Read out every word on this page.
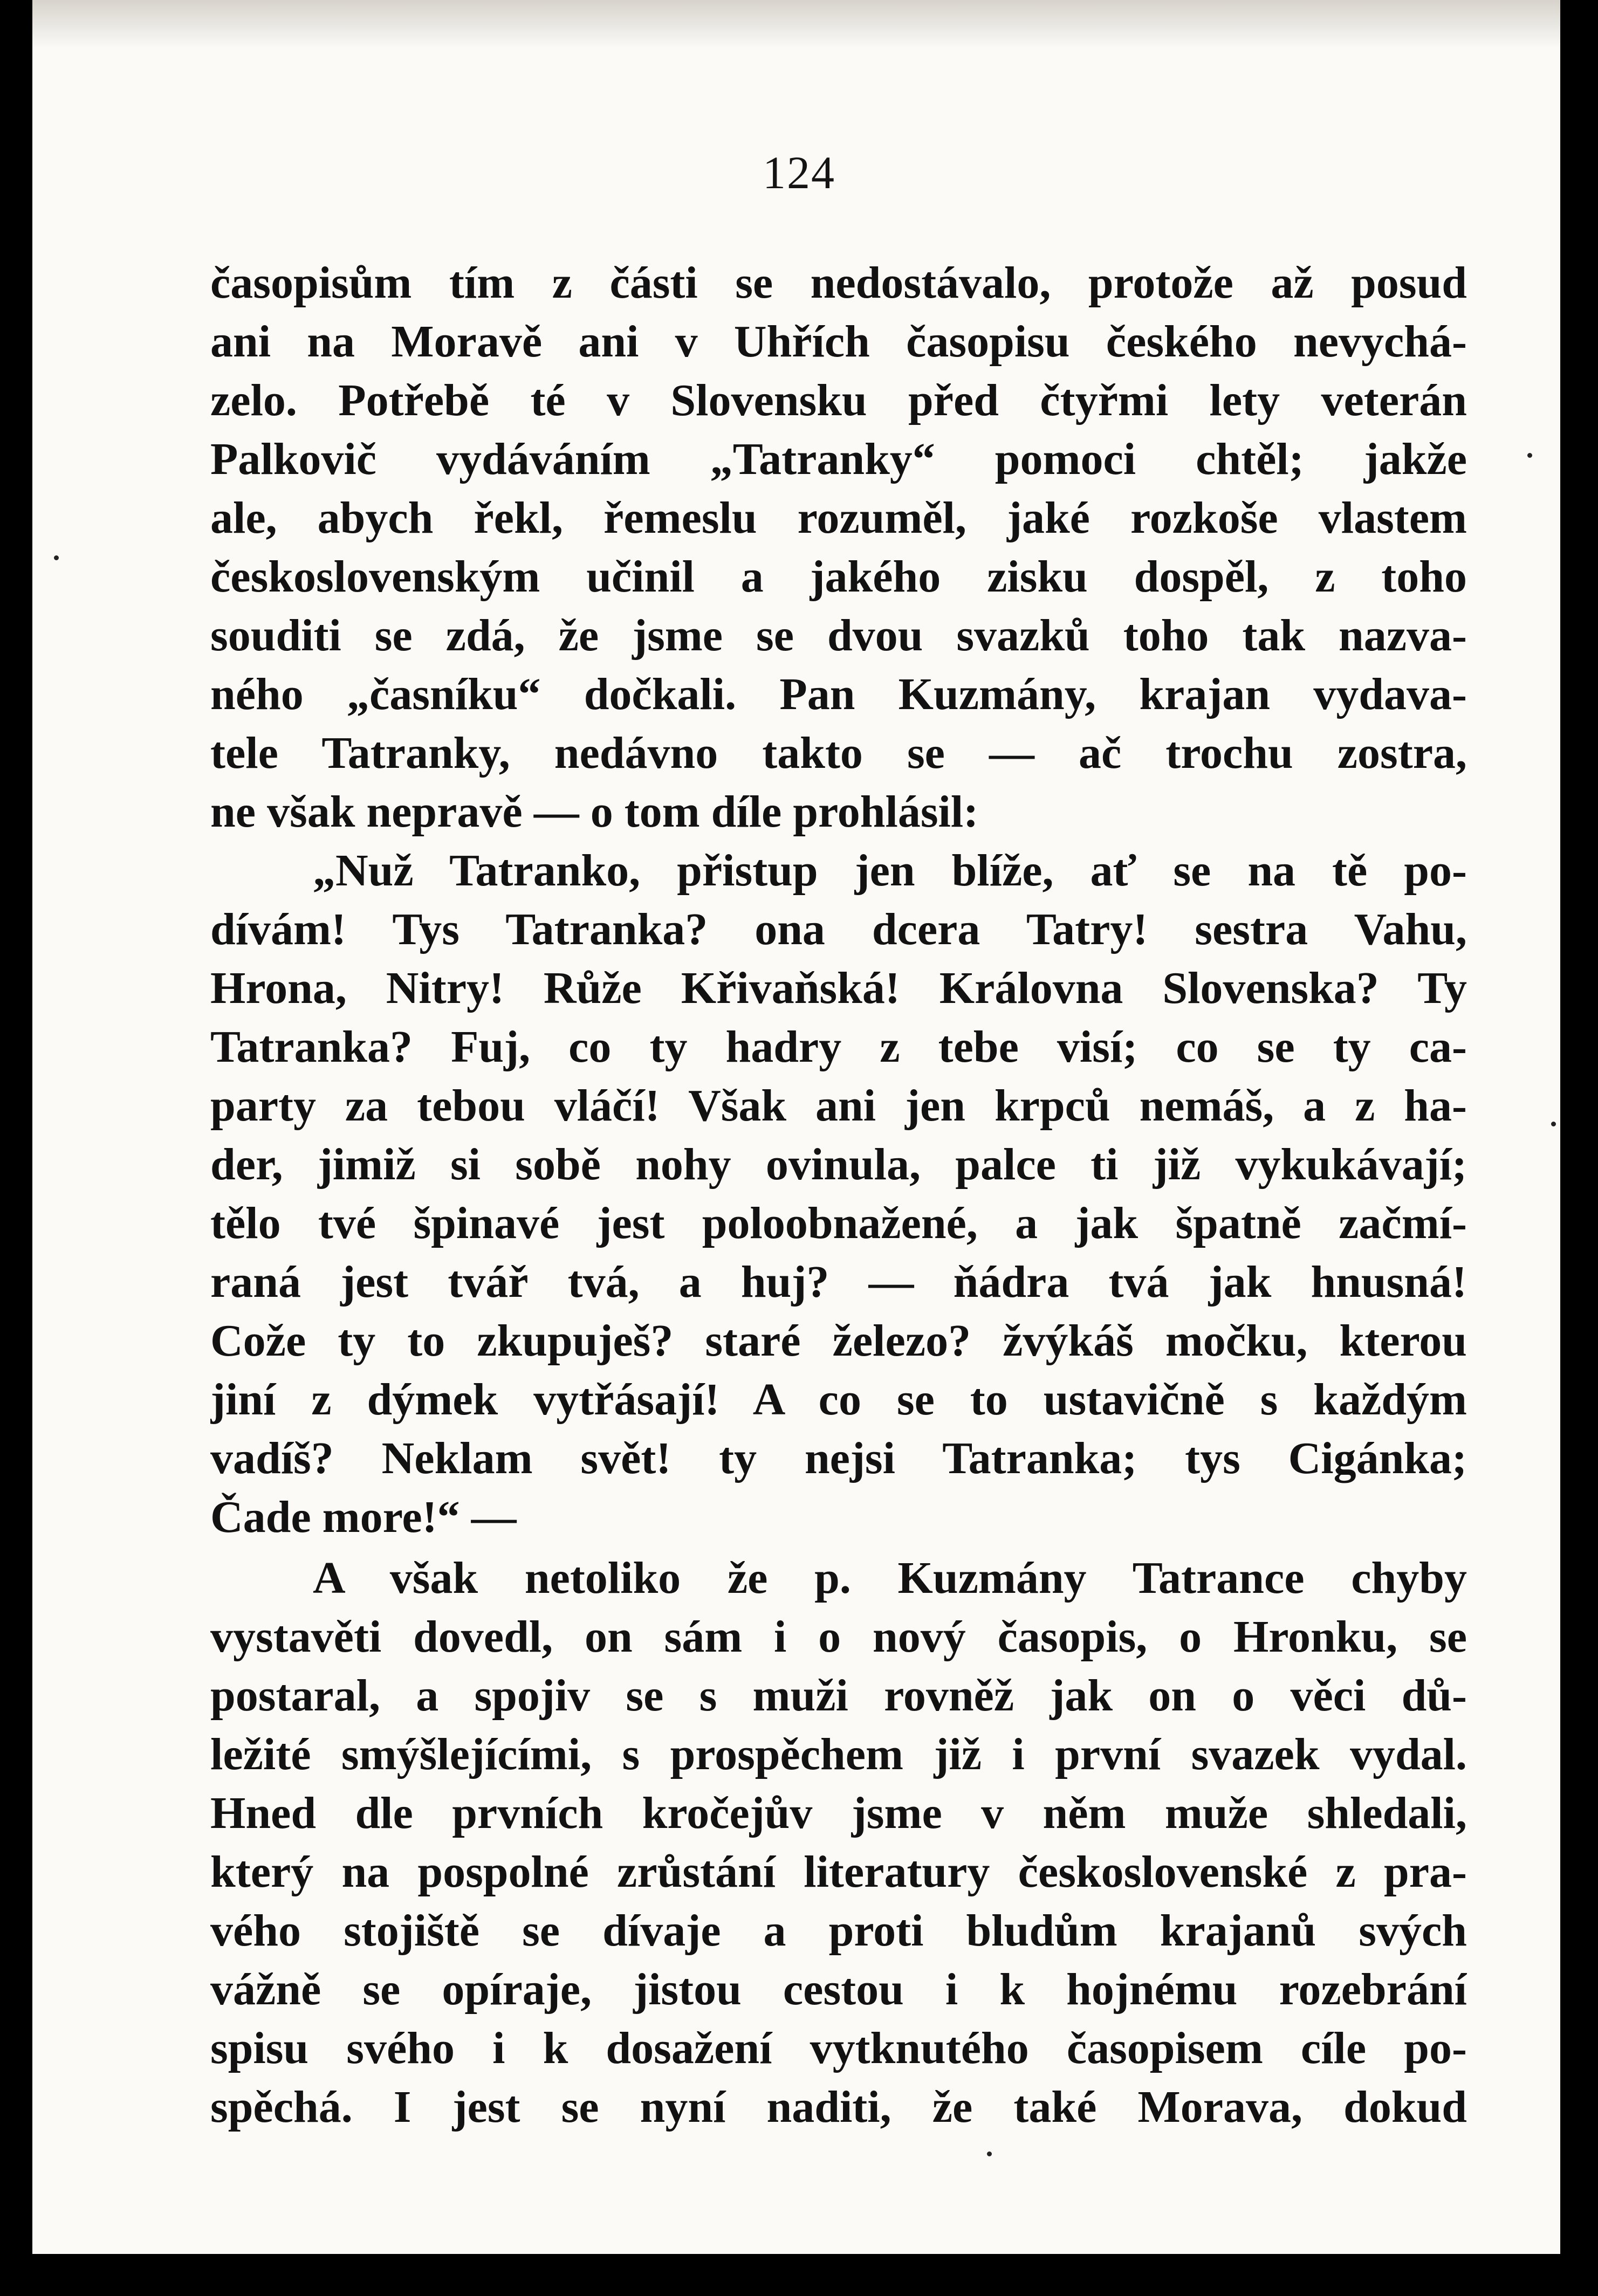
124
časopisům tím z části se nedostávalo, protože až posud
ani na Moravě ani v Uhřích časopisu českého nevychá-
zelo. Potřebě té v Slovensku před čtyřmi lety veterán
Palkovič vydáváním „Tatranky“ pomoci chtěl; jakže
ale, abych řekl, řemeslu rozuměl, jaké rozkoše vlastem
československým učinil a jakého zisku dospěl, z toho
souditi se zdá, že jsme se dvou svazků toho tak nazva-
ného „časníku“ dočkali. Pan Kuzmány, krajan vydava-
tele Tatranky, nedávno takto se — ač trochu zostra,
ne však nepravě — o tom díle prohlásil:
„Nuž Tatranko, přistup jen blíže, ať se na tě po-
dívám! Tys Tatranka? ona dcera Tatry! sestra Vahu,
Hrona, Nitry! Růže Křivaňská! Královna Slovenska? Ty
Tatranka? Fuj, co ty hadry z tebe visí; co se ty ca-
party za tebou vláčí! Však ani jen krpců nemáš, a z ha-
der, jimiž si sobě nohy ovinula, palce ti již vykukávají;
tělo tvé špinavé jest poloobnažené, a jak špatně začmí-
raná jest tvář tvá, a huj? — ňádra tvá jak hnusná!
Cože ty to zkupuješ? staré železo? žvýkáš močku, kterou
jiní z dýmek vytřásají! A co se to ustavičně s každým
vadíš? Neklam svět! ty nejsi Tatranka; tys Cigánka;
Čade more!“ —
A však netoliko že p. Kuzmány Tatrance chyby
vystavěti dovedl, on sám i o nový časopis, o Hronku, se
postaral, a spojiv se s muži rovněž jak on o věci dů-
ležité smýšlejícími, s prospěchem již i první svazek vydal.
Hned dle prvních kročejův jsme v něm muže shledali,
který na pospolné zrůstání literatury československé z pra-
vého stojiště se dívaje a proti bludům krajanů svých
vážně se opíraje, jistou cestou i k hojnému rozebrání
spisu svého i k dosažení vytknutého časopisem cíle po-
spěchá. I jest se nyní naditi, že také Morava, dokud
